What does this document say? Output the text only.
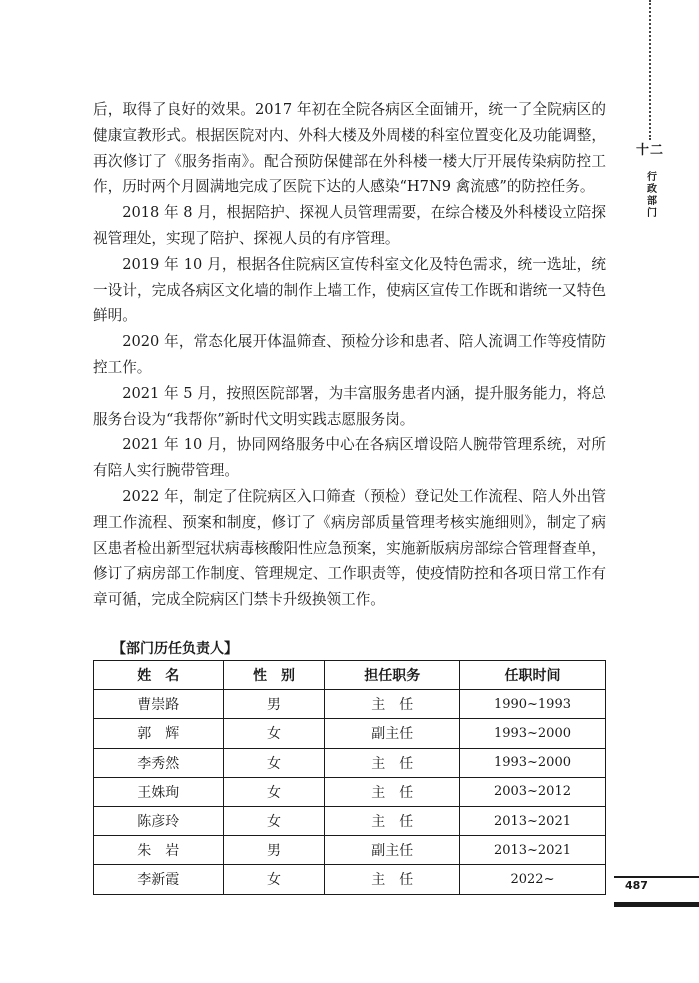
十二
行政部门
487

后，取得了良好的效果。2017 年初在全院各病区全面铺开，统一了全院病区的健康宣教形式。根据医院对内、外科大楼及外周楼的科室位置变化及功能调整，再次修订了《服务指南》。配合预防保健部在外科楼一楼大厅开展传染病防控工作，历时两个月圆满地完成了医院下达的人感染“H7N9 禽流感”的防控任务。

2018 年 8 月，根据陪护、探视人员管理需要，在综合楼及外科楼设立陪探视管理处，实现了陪护、探视人员的有序管理。

2019 年 10 月，根据各住院病区宣传科室文化及特色需求，统一选址，统一设计，完成各病区文化墙的制作上墙工作，使病区宣传工作既和谐统一又特色鲜明。

2020 年，常态化展开体温筛查、预检分诊和患者、陪人流调工作等疫情防控工作。

2021 年 5 月，按照医院部署，为丰富服务患者内涵，提升服务能力，将总服务台设为“我帮你”新时代文明实践志愿服务岗。

2021 年 10 月，协同网络服务中心在各病区增设陪人腕带管理系统，对所有陪人实行腕带管理。

2022 年，制定了住院病区入口筛查（预检）登记处工作流程、陪人外出管理工作流程、预案和制度，修订了《病房部质量管理考核实施细则》，制定了病区患者检出新型冠状病毒核酸阳性应急预案，实施新版病房部综合管理督查单，修订了病房部工作制度、管理规定、工作职责等，使疫情防控和各项日常工作有章可循，完成全院病区门禁卡升级换领工作。

【部门历任负责人】
姓　名	性　别	担任职务	任职时间
曹崇路	男	主　任	1990~1993
郭　辉	女	副主任	1993~2000
李秀然	女	主　任	1993~2000
王姝珣	女	主　任	2003~2012
陈彦玲	女	主　任	2013~2021
朱　岩	男	副主任	2013~2021
李新霞	女	主　任	2022~
